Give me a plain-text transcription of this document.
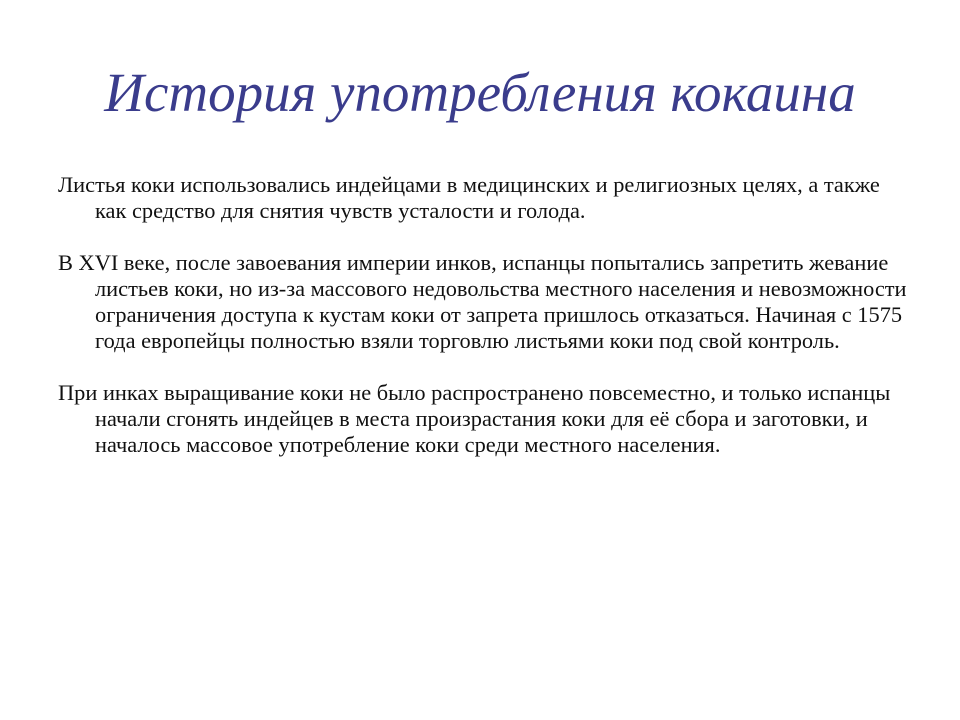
История употребления кокаина

Листья коки использовались индейцами в медицинских и религиозных целях, а также как средство для снятия чувств усталости и голода.

В XVI веке, после завоевания империи инков, испанцы попытались запретить жевание листьев коки, но из-за массового недовольства местного населения и невозможности ограничения доступа к кустам коки от запрета пришлось отказаться. Начиная с 1575 года европейцы полностью взяли торговлю листьями коки под свой контроль.

При инках выращивание коки не было распространено повсеместно, и только испанцы начали сгонять индейцев в места произрастания коки для её сбора и заготовки, и началось массовое употребление коки среди местного населения.
